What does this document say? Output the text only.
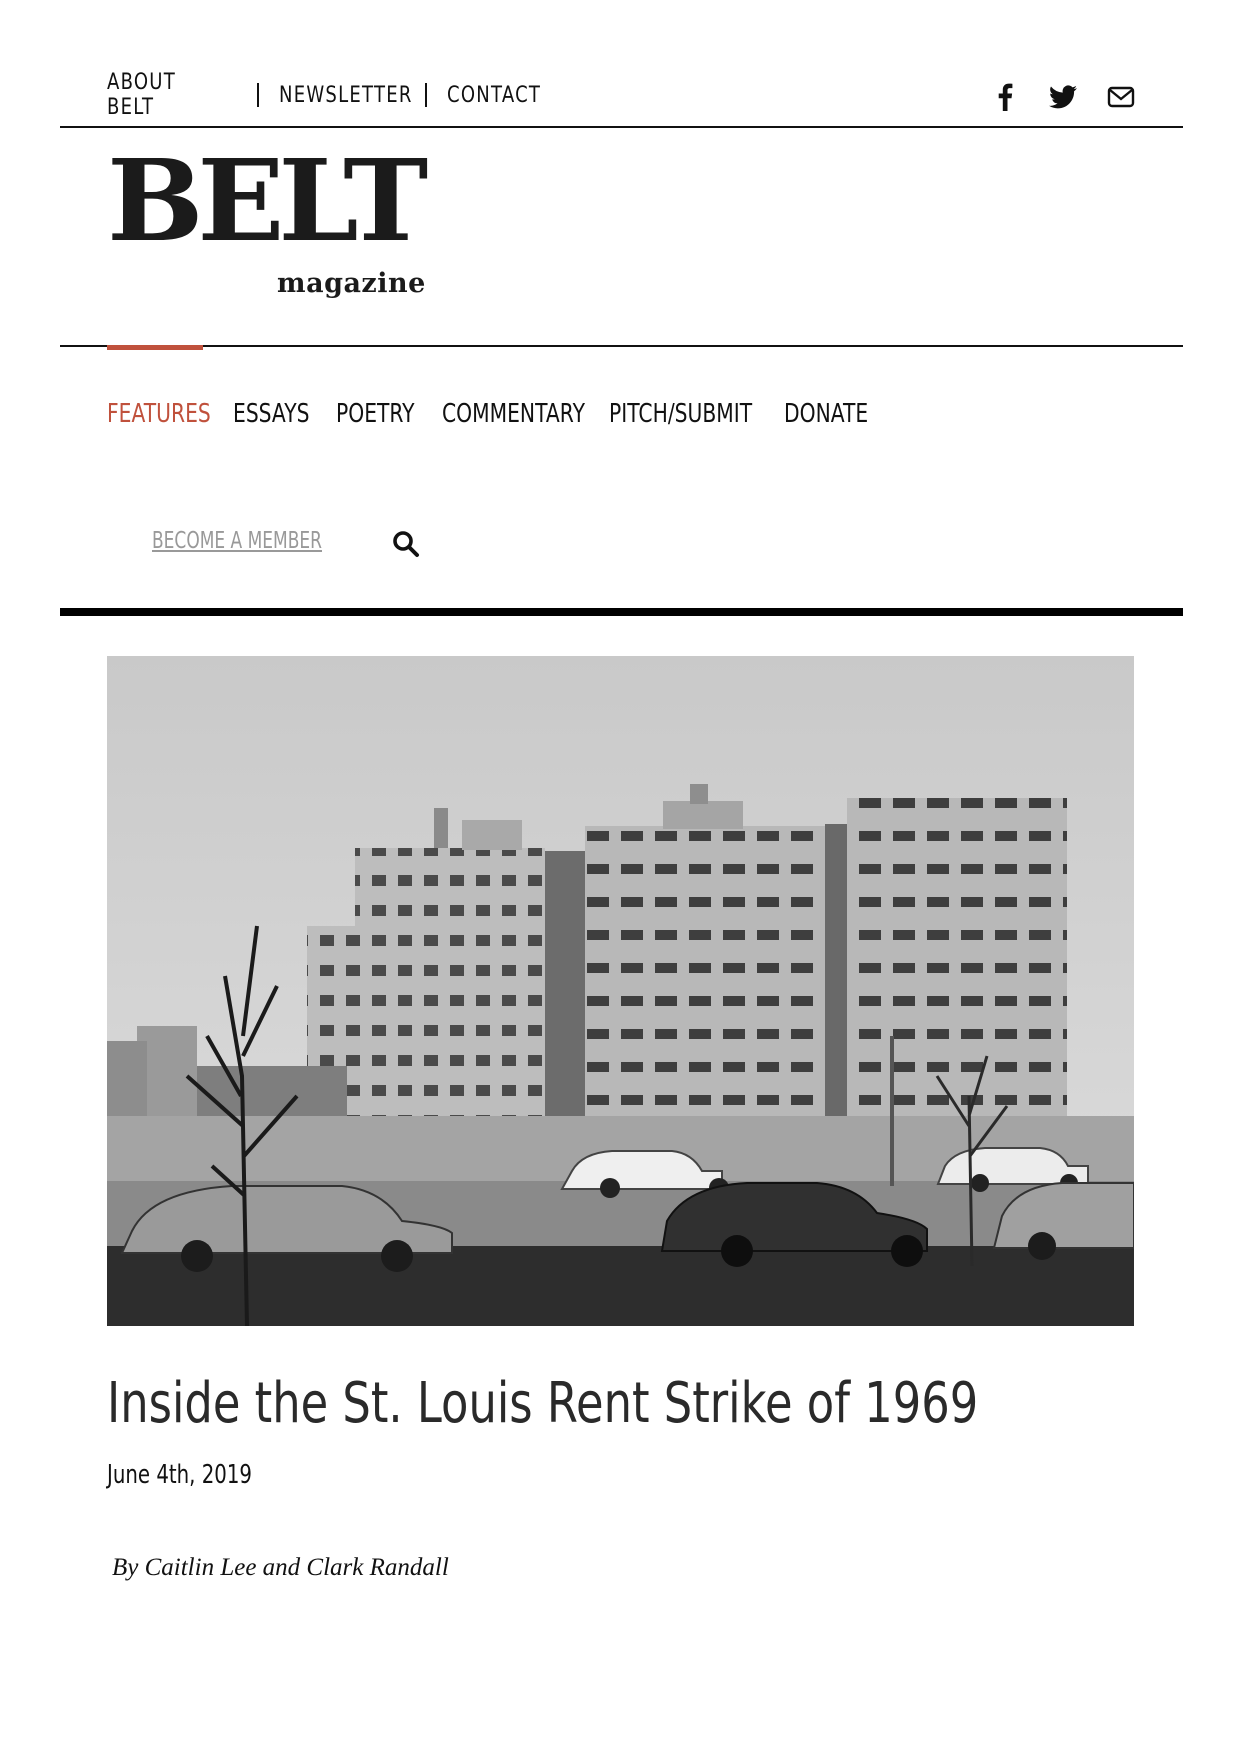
ABOUT BELT	NEWSLETTER CONTACT
BELT
magazine
FEATURES ESSAYS POETRY COMMENTARY PITCH/SUBMIT DONATE
BECOME A MEMBER
Inside the St. Louis Rent Strike of 1969
June 4th, 2019
By Caitlin Lee and Clark Randall
